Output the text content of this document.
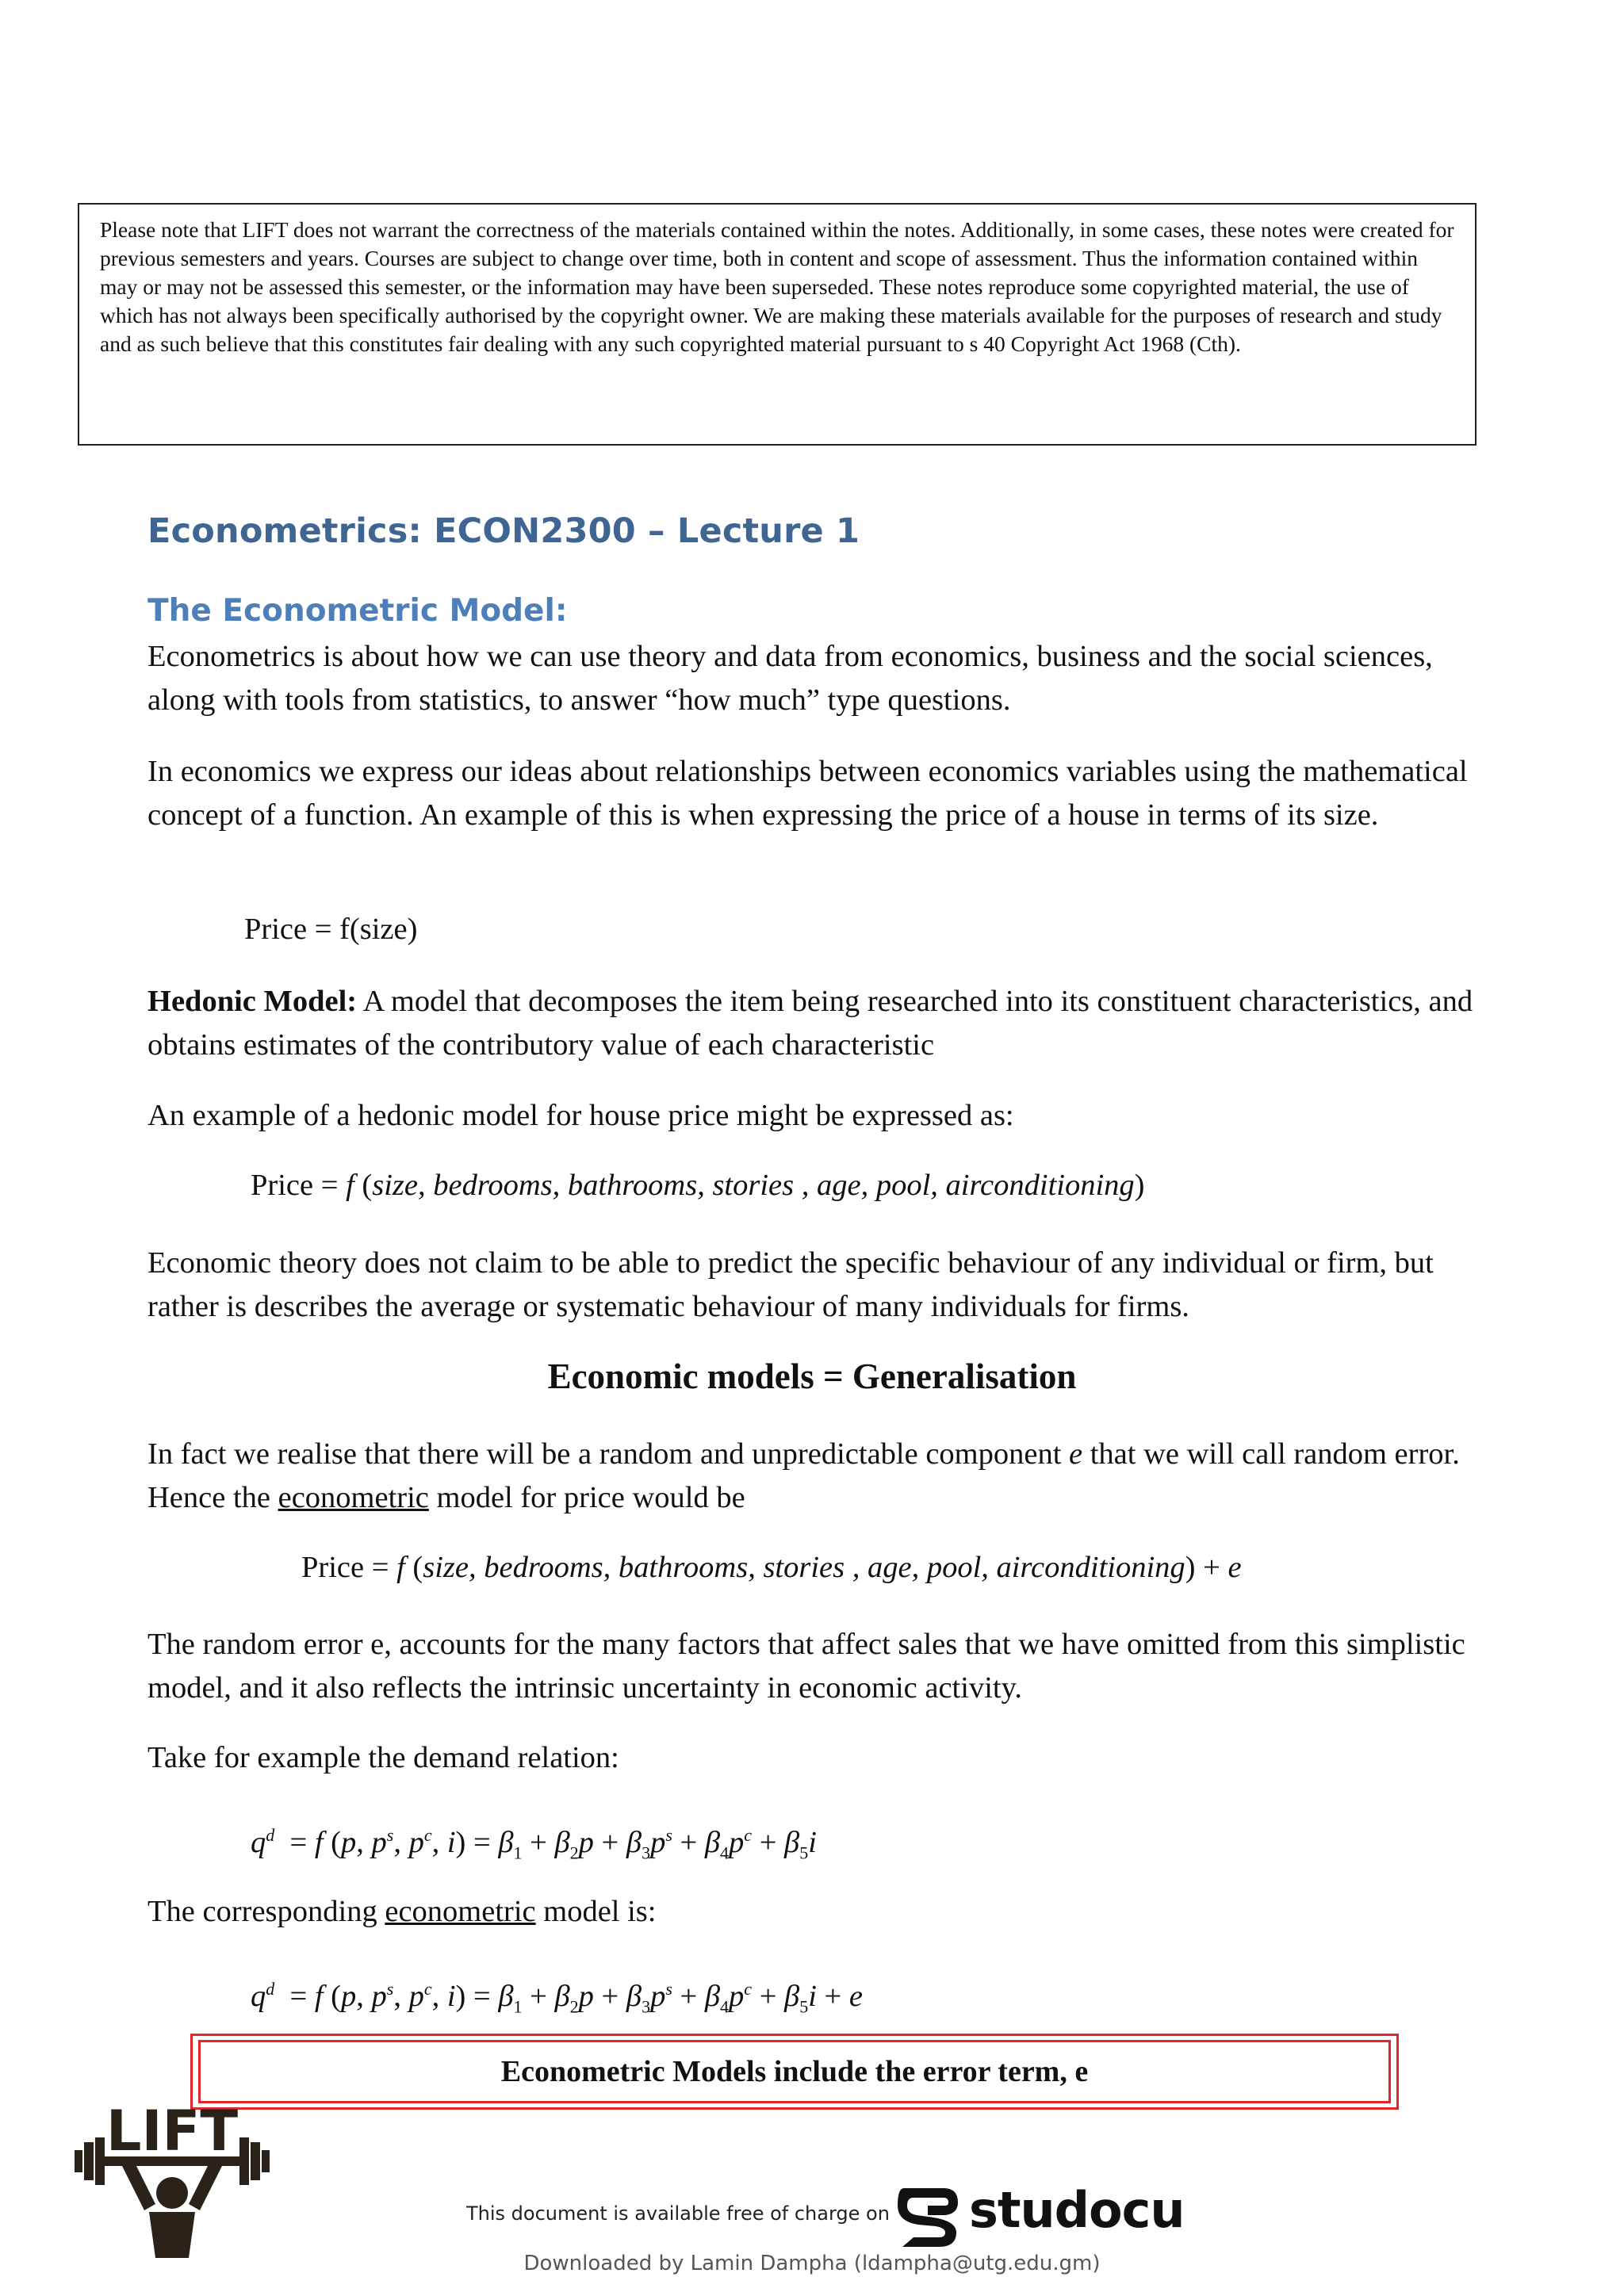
Please note that LIFT does not warrant the correctness of the materials contained within the notes. Additionally, in some cases, these notes were created for previous semesters and years. Courses are subject to change over time, both in content and scope of assessment. Thus the information contained within may or may not be assessed this semester, or the information may have been superseded. These notes reproduce some copyrighted material, the use of which has not always been specifically authorised by the copyright owner. We are making these materials available for the purposes of research and study and as such believe that this constitutes fair dealing with any such copyrighted material pursuant to s 40 Copyright Act 1968 (Cth).
Econometrics: ECON2300 – Lecture 1
The Econometric Model:
Econometrics is about how we can use theory and data from economics, business and the social sciences, along with tools from statistics, to answer “how much” type questions.
In economics we express our ideas about relationships between economics variables using the mathematical concept of a function. An example of this is when expressing the price of a house in terms of its size.
Price = f(size)
Hedonic Model: A model that decomposes the item being researched into its constituent characteristics, and obtains estimates of the contributory value of each characteristic
An example of a hedonic model for house price might be expressed as:
Price = f (size, bedrooms, bathrooms, stories , age, pool, airconditioning)
Economic theory does not claim to be able to predict the specific behaviour of any individual or firm, but rather is describes the average or systematic behaviour of many individuals for firms.
Economic models = Generalisation
In fact we realise that there will be a random and unpredictable component e that we will call random error. Hence the econometric model for price would be
Price = f (size, bedrooms, bathrooms, stories , age, pool, airconditioning) + e
The random error e, accounts for the many factors that affect sales that we have omitted from this simplistic model, and it also reflects the intrinsic uncertainty in economic activity.
Take for example the demand relation:
$q^d = f$ (p, $p^s$, $p^c$, $i) = \beta_1 + \beta_2p + \beta_3p^s + \beta_4p^c + \beta_5i$
The corresponding econometric model is:
$q^d = f$ (p, $p^s$, $p^c$, $i) = \beta_1 + \beta_2p + \beta_3p^s + \beta_4p^c + \beta_5i + e$
Econometric Models include the error term, e
LIFT
This document is available free of charge on studocu
Downloaded by Lamin Dampha (ldampha@utg.edu.gm)
